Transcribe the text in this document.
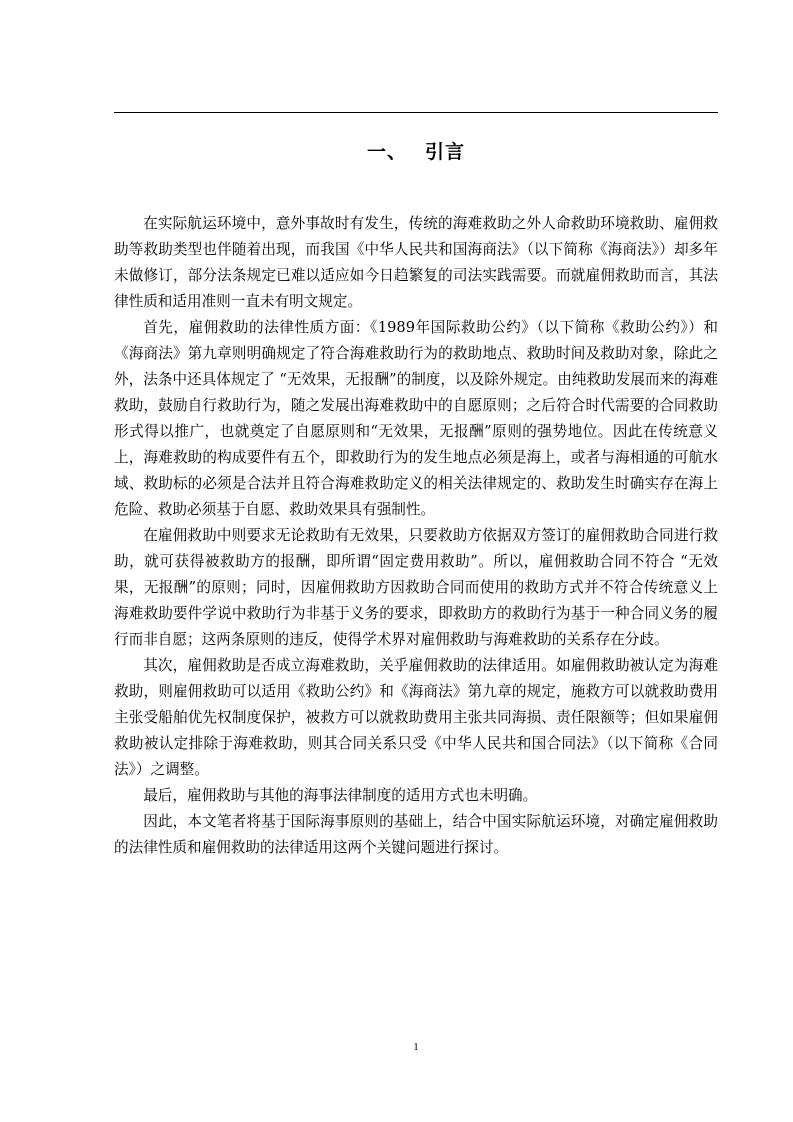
一、 引言

在实际航运环境中，意外事故时有发生，传统的海难救助之外人命救助环境救助、雇佣救助等救助类型也伴随着出现，而我国《中华人民共和国海商法》（以下简称《海商法》）却多年未做修订，部分法条规定已难以适应如今日趋繁复的司法实践需要。而就雇佣救助而言，其法律性质和适用准则一直未有明文规定。

首先，雇佣救助的法律性质方面：《1989年国际救助公约》（以下简称《救助公约》）和《海商法》第九章则明确规定了符合海难救助行为的救助地点、救助时间及救助对象，除此之外，法条中还具体规定了 “无效果，无报酬”的制度，以及除外规定。由纯救助发展而来的海难救助，鼓励自行救助行为，随之发展出海难救助中的自愿原则；之后符合时代需要的合同救助形式得以推广，也就奠定了自愿原则和“无效果，无报酬”原则的强势地位。因此在传统意义上，海难救助的构成要件有五个，即救助行为的发生地点必须是海上，或者与海相通的可航水域、救助标的必须是合法并且符合海难救助定义的相关法律规定的、救助发生时确实存在海上危险、救助必须基于自愿、救助效果具有强制性。

在雇佣救助中则要求无论救助有无效果，只要救助方依据双方签订的雇佣救助合同进行救助，就可获得被救助方的报酬，即所谓“固定费用救助”。所以，雇佣救助合同不符合 “无效果，无报酬”的原则；同时，因雇佣救助方因救助合同而使用的救助方式并不符合传统意义上海难救助要件学说中救助行为非基于义务的要求，即救助方的救助行为基于一种合同义务的履行而非自愿；这两条原则的违反，使得学术界对雇佣救助与海难救助的关系存在分歧。

其次，雇佣救助是否成立海难救助，关乎雇佣救助的法律适用。如雇佣救助被认定为海难救助，则雇佣救助可以适用《救助公约》和《海商法》第九章的规定，施救方可以就救助费用主张受船舶优先权制度保护，被救方可以就救助费用主张共同海损、责任限额等；但如果雇佣救助被认定排除于海难救助，则其合同关系只受《中华人民共和国合同法》（以下简称《合同法》）之调整。

最后，雇佣救助与其他的海事法律制度的适用方式也未明确。

因此，本文笔者将基于国际海事原则的基础上，结合中国实际航运环境，对确定雇佣救助的法律性质和雇佣救助的法律适用这两个关键问题进行探讨。

1
